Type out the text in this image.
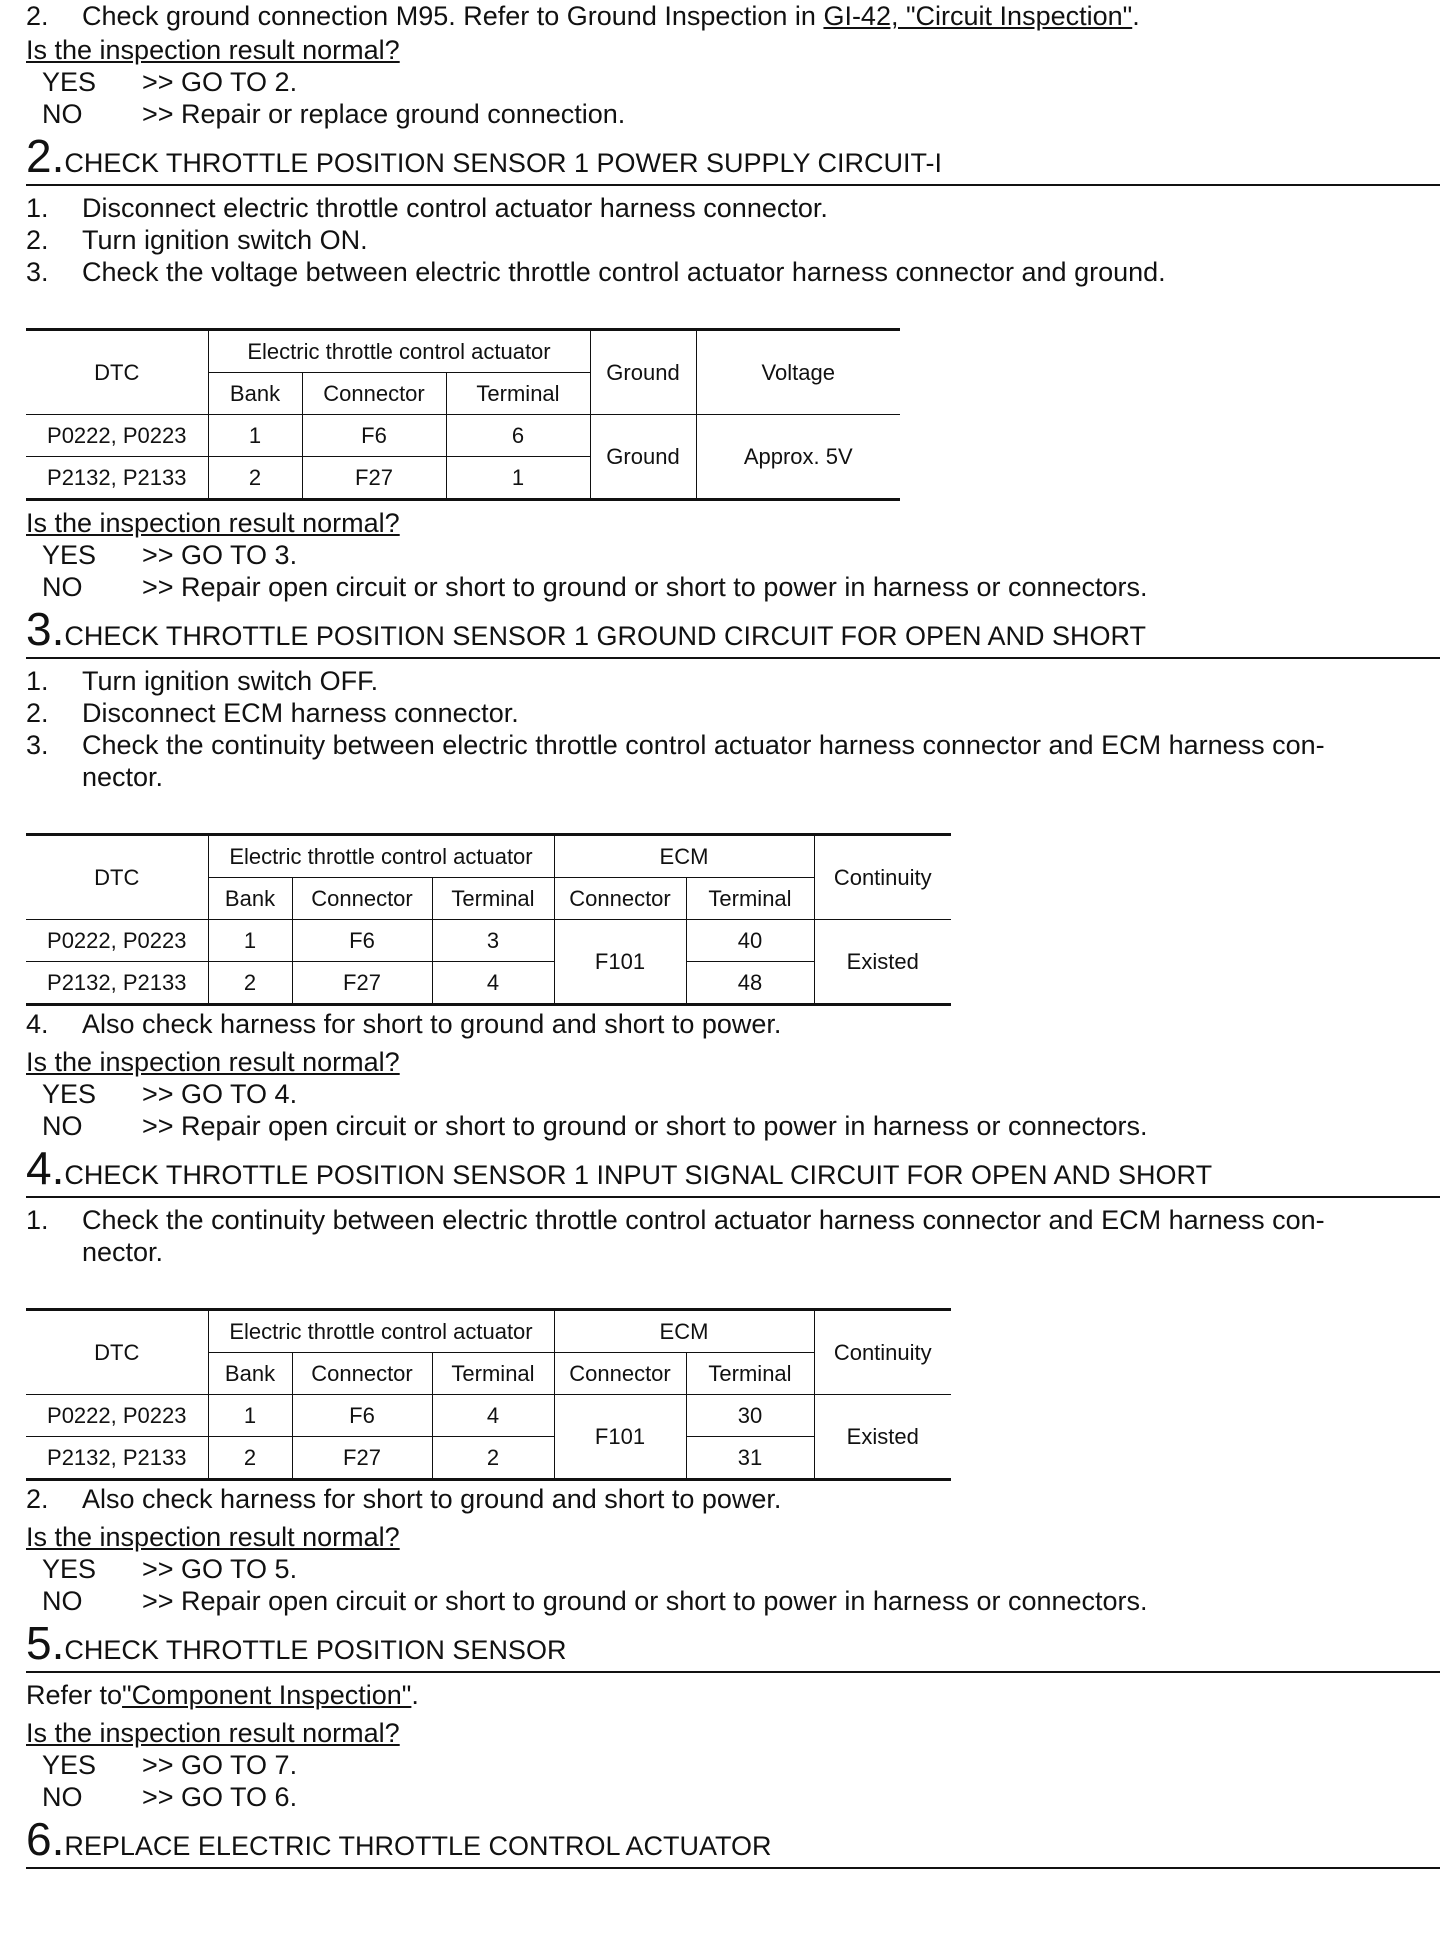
2.	Check ground connection M95. Refer to Ground Inspection in GI-42, "Circuit Inspection".
Is the inspection result normal?
YES	>> GO TO 2.
NO	>> Repair or replace ground connection.
2. CHECK THROTTLE POSITION SENSOR 1 POWER SUPPLY CIRCUIT-I
1.	Disconnect electric throttle control actuator harness connector.
2.	Turn ignition switch ON.
3.	Check the voltage between electric throttle control actuator harness connector and ground.
DTC	Electric throttle control actuator			Ground	Voltage
	Bank	Connector	Terminal		
P0222, P0223	1	F6	6	Ground	Approx. 5V
P2132, P2133	2	F27	1		
Is the inspection result normal?
YES	>> GO TO 3.
NO	>> Repair open circuit or short to ground or short to power in harness or connectors.
3. CHECK THROTTLE POSITION SENSOR 1 GROUND CIRCUIT FOR OPEN AND SHORT
1.	Turn ignition switch OFF.
2.	Disconnect ECM harness connector.
3.	Check the continuity between electric throttle control actuator harness connector and ECM harness con-
nector.
DTC	Electric throttle control actuator			ECM		Continuity
	Bank	Connector	Terminal	Connector	Terminal	
P0222, P0223	1	F6	3	F101	40	Existed
P2132, P2133	2	F27	4		48	
4.	Also check harness for short to ground and short to power.
Is the inspection result normal?
YES	>> GO TO 4.
NO	>> Repair open circuit or short to ground or short to power in harness or connectors.
4. CHECK THROTTLE POSITION SENSOR 1 INPUT SIGNAL CIRCUIT FOR OPEN AND SHORT
1.	Check the continuity between electric throttle control actuator harness connector and ECM harness con-
nector.
DTC	Electric throttle control actuator			ECM		Continuity
	Bank	Connector	Terminal	Connector	Terminal	
P0222, P0223	1	F6	4	F101	30	Existed
P2132, P2133	2	F27	2		31	
2.	Also check harness for short to ground and short to power.
Is the inspection result normal?
YES	>> GO TO 5.
NO	>> Repair open circuit or short to ground or short to power in harness or connectors.
5. CHECK THROTTLE POSITION SENSOR
Refer to"Component Inspection".
Is the inspection result normal?
YES	>> GO TO 7.
NO	>> GO TO 6.
6. REPLACE ELECTRIC THROTTLE CONTROL ACTUATOR
